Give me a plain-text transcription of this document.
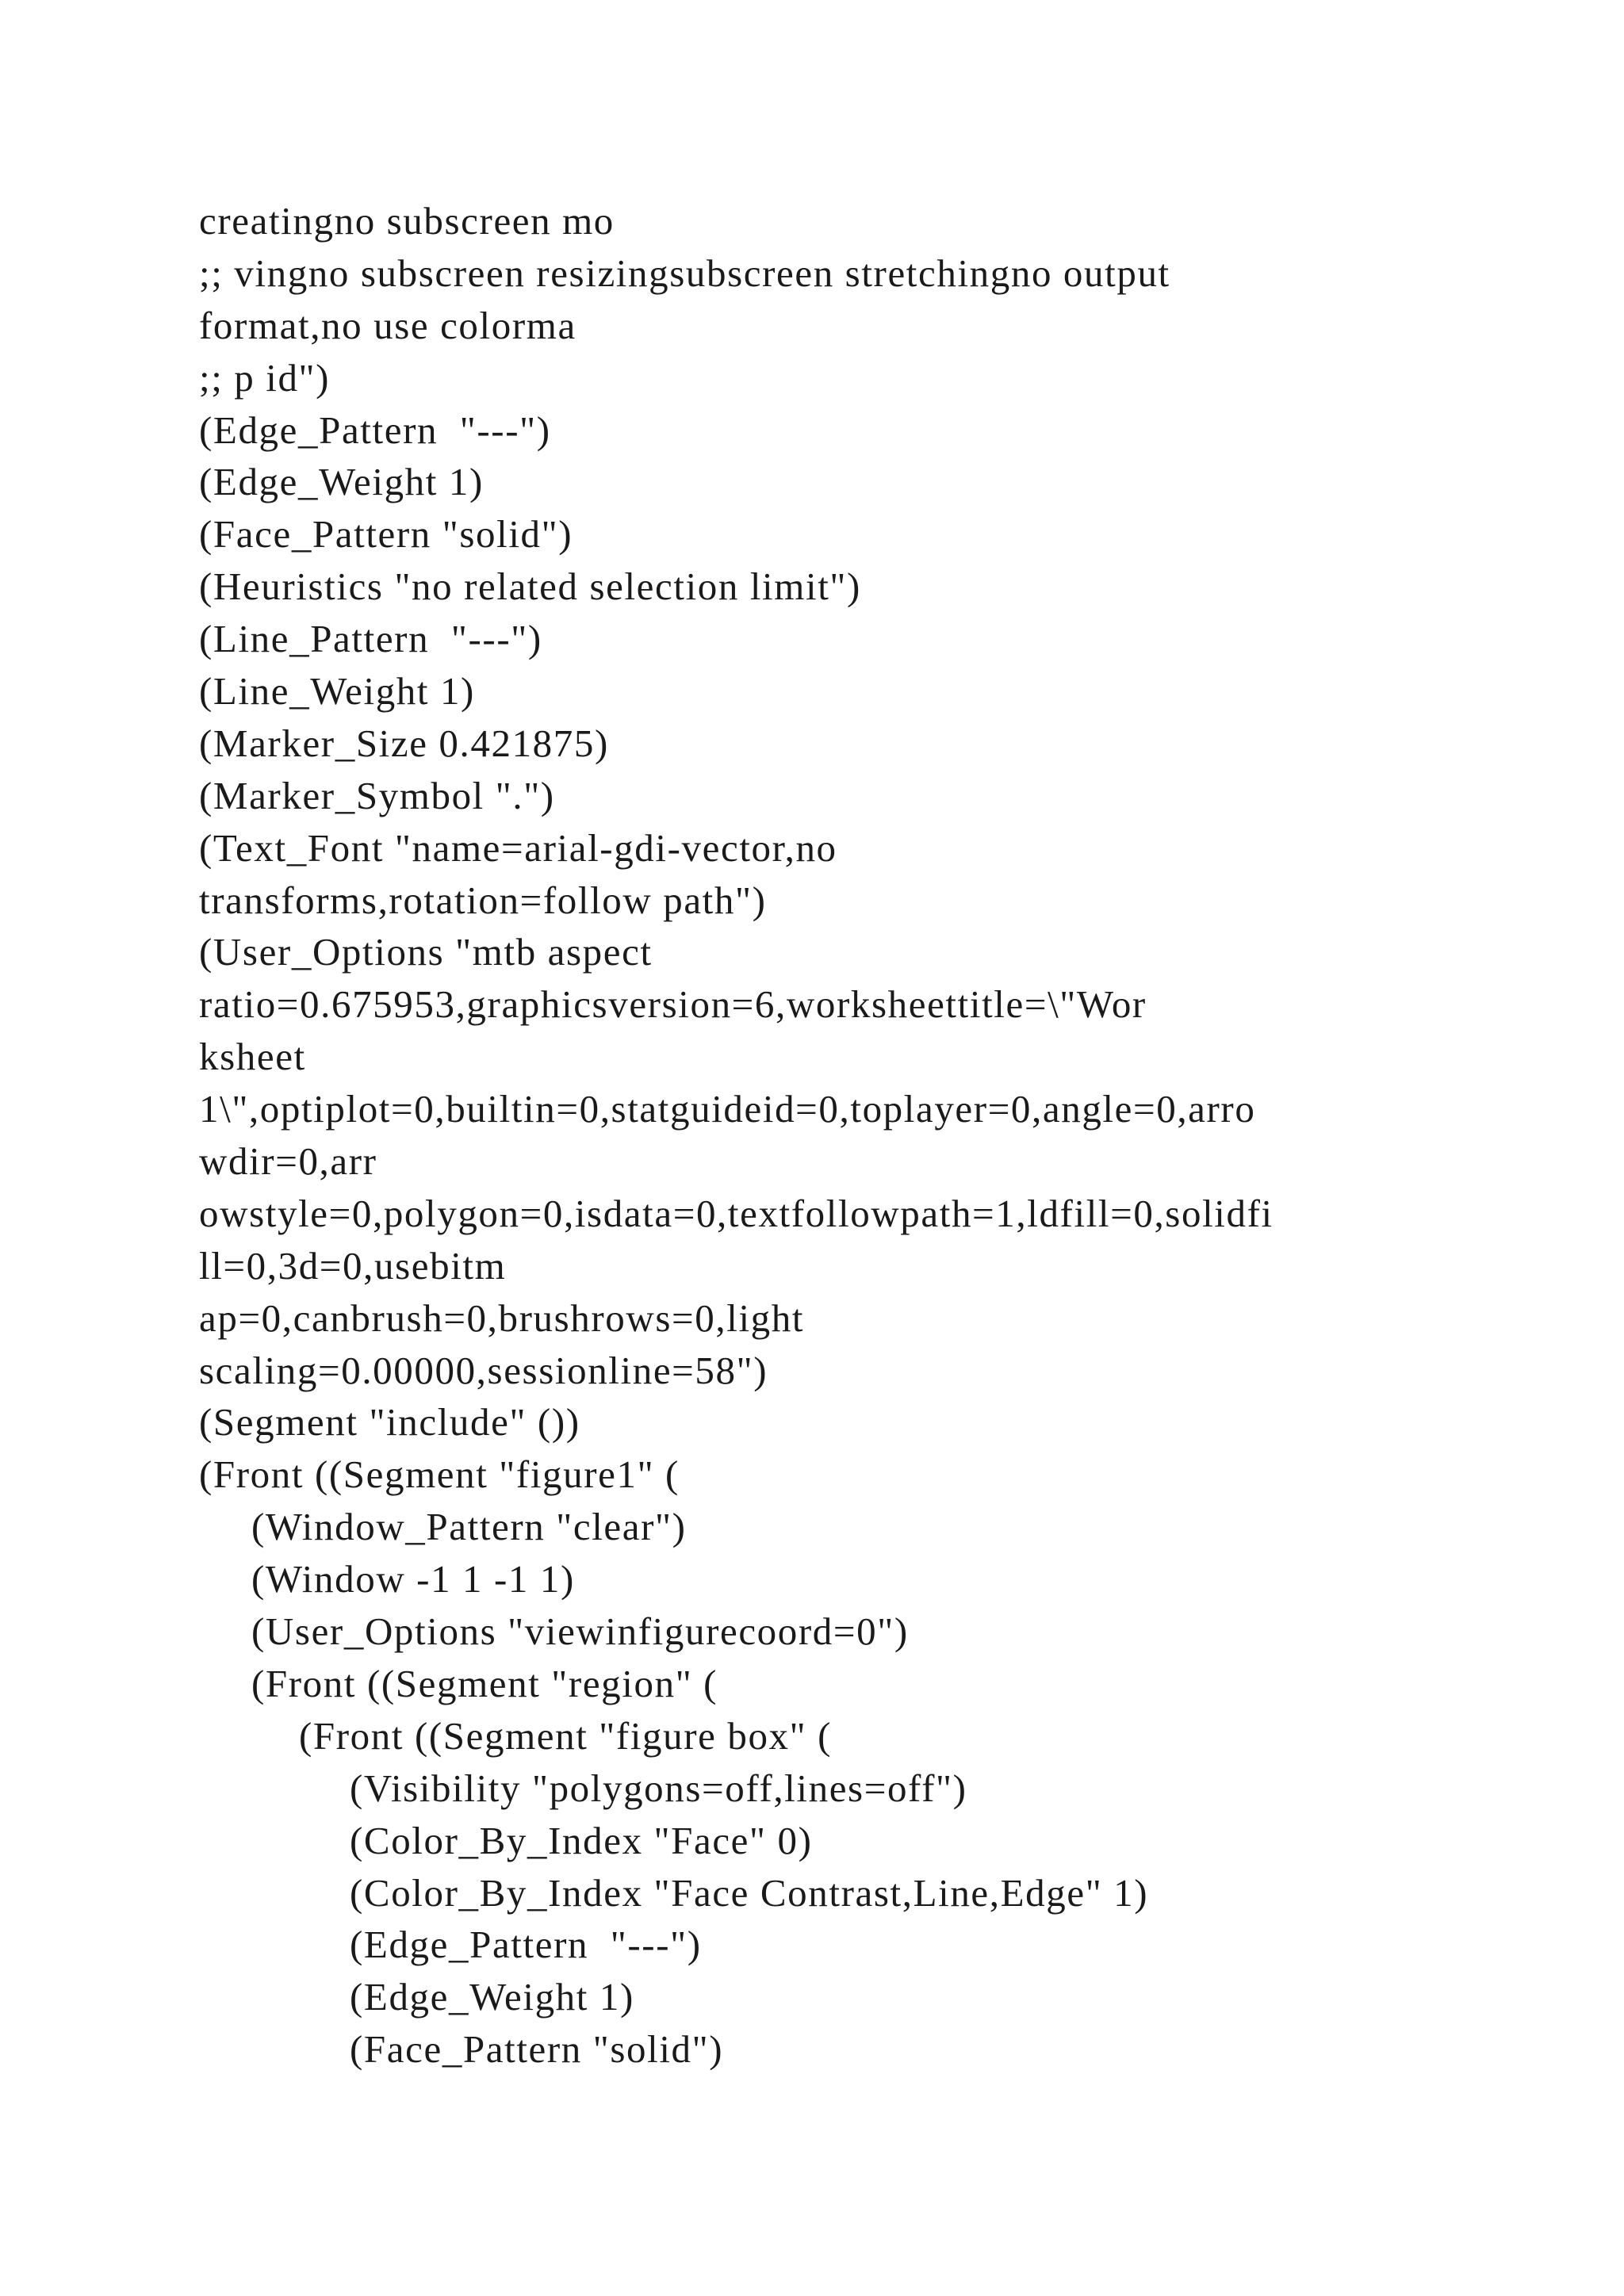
creatingno subscreen mo
;; vingno subscreen resizingsubscreen stretchingno output
format,no use colorma
;; p id")
(Edge_Pattern  "---")
(Edge_Weight 1)
(Face_Pattern "solid")
(Heuristics "no related selection limit")
(Line_Pattern  "---")
(Line_Weight 1)
(Marker_Size 0.421875)
(Marker_Symbol ".")
(Text_Font "name=arial-gdi-vector,no
transforms,rotation=follow path")
(User_Options "mtb aspect
ratio=0.675953,graphicsversion=6,worksheettitle=\"Wor
ksheet
1\",optiplot=0,builtin=0,statguideid=0,toplayer=0,angle=0,arro
wdir=0,arr
owstyle=0,polygon=0,isdata=0,textfollowpath=1,ldfill=0,solidfi
ll=0,3d=0,usebitm
ap=0,canbrush=0,brushrows=0,light
scaling=0.00000,sessionline=58")
(Segment "include" ())
(Front ((Segment "figure1" (
(Window_Pattern "clear")
(Window -1 1 -1 1)
(User_Options "viewinfigurecoord=0")
(Front ((Segment "region" (
(Front ((Segment "figure box" (
(Visibility "polygons=off,lines=off")
(Color_By_Index "Face" 0)
(Color_By_Index "Face Contrast,Line,Edge" 1)
(Edge_Pattern  "---")
(Edge_Weight 1)
(Face_Pattern "solid")
